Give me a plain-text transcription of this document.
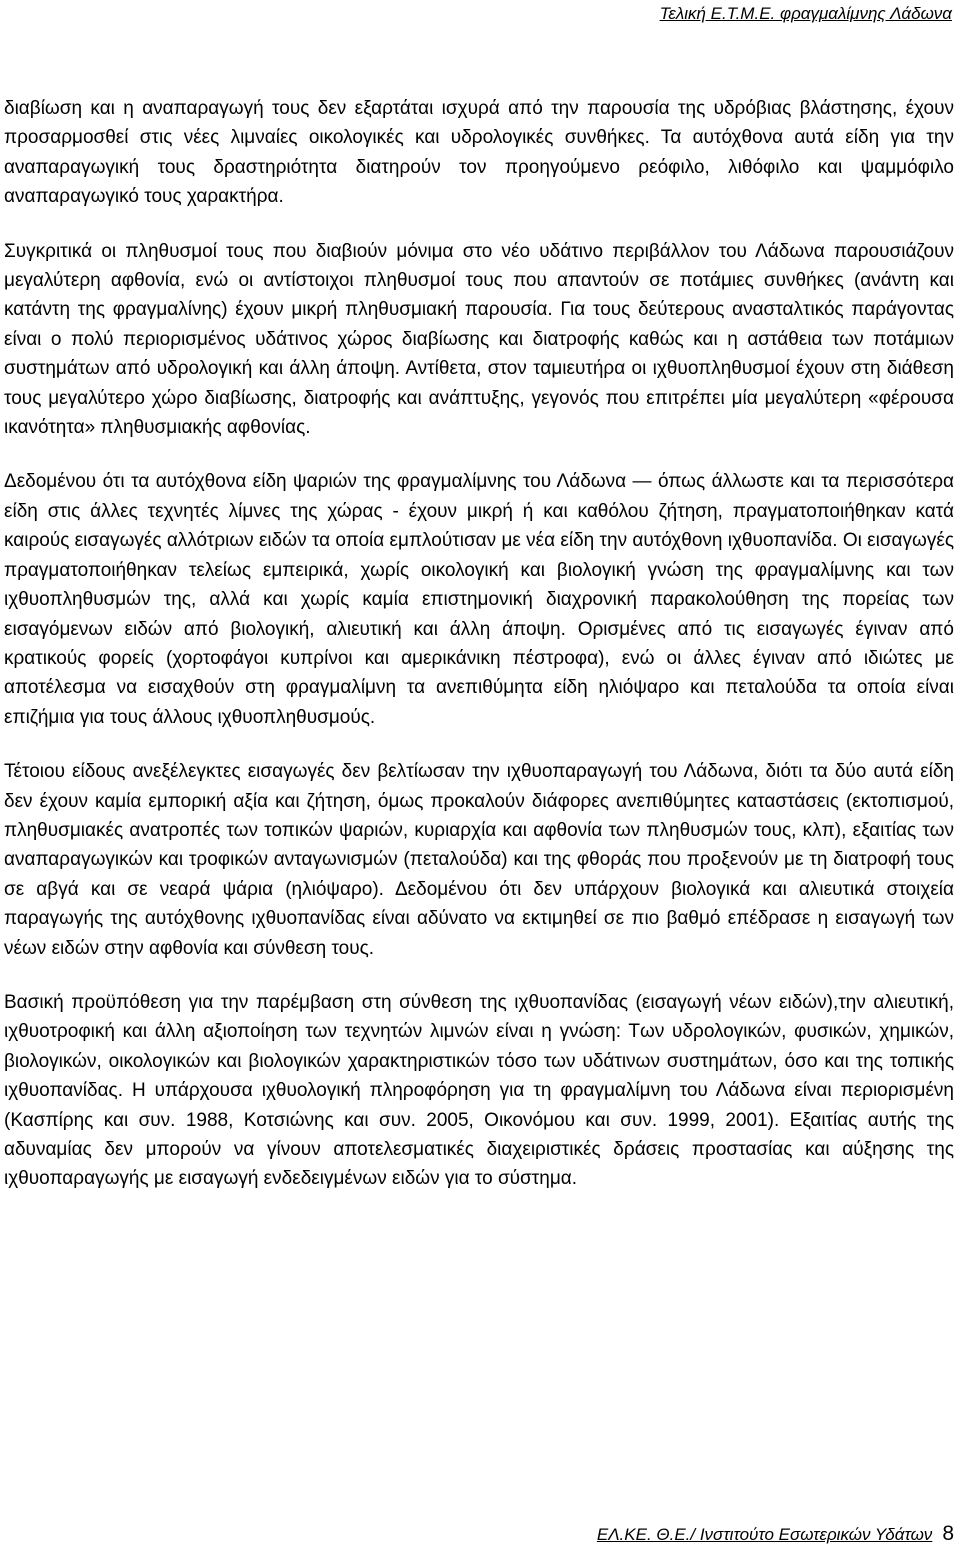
Τελική Ε.Τ.Μ.Ε. φραγμαλίμνης Λάδωνα

διαβίωση και η αναπαραγωγή τους δεν εξαρτάται ισχυρά από την παρουσία της υδρόβιας βλάστησης, έχουν προσαρμοσθεί στις νέες λιμναίες οικολογικές και υδρολογικές συνθήκες. Τα αυτόχθονα αυτά είδη για την αναπαραγωγική τους δραστηριότητα διατηρούν τον προηγούμενο ρεόφιλο, λιθόφιλο και ψαμμόφιλο αναπαραγωγικό τους χαρακτήρα.

Συγκριτικά οι πληθυσμοί τους που διαβιούν μόνιμα στο νέο υδάτινο περιβάλλον του Λάδωνα παρουσιάζουν μεγαλύτερη αφθονία, ενώ οι αντίστοιχοι πληθυσμοί τους που απαντούν σε ποτάμιες συνθήκες (ανάντη και κατάντη της φραγμαλίνης) έχουν μικρή πληθυσμιακή παρουσία. Για τους δεύτερους ανασταλτικός παράγοντας είναι ο πολύ περιορισμένος υδάτινος χώρος διαβίωσης και διατροφής καθώς και η αστάθεια των ποτάμιων συστημάτων από υδρολογική και άλλη άποψη. Αντίθετα, στον ταμιευτήρα οι ιχθυοπληθυσμοί έχουν στη διάθεση τους μεγαλύτερο χώρο διαβίωσης, διατροφής και ανάπτυξης, γεγονός που επιτρέπει μία μεγαλύτερη «φέρουσα ικανότητα» πληθυσμιακής αφθονίας.

Δεδομένου ότι τα αυτόχθονα είδη ψαριών της φραγμαλίμνης του Λάδωνα — όπως άλλωστε και τα περισσότερα είδη στις άλλες τεχνητές λίμνες της χώρας - έχουν μικρή ή και καθόλου ζήτηση, πραγματοποιήθηκαν κατά καιρούς εισαγωγές αλλότριων ειδών τα οποία εμπλούτισαν με νέα είδη την αυτόχθονη ιχθυοπανίδα. Οι εισαγωγές πραγματοποιήθηκαν τελείως εμπειρικά, χωρίς οικολογική και βιολογική γνώση της φραγμαλίμνης και των ιχθυοπληθυσμών της, αλλά και χωρίς καμία επιστημονική διαχρονική παρακολούθηση της πορείας των εισαγόμενων ειδών από βιολογική, αλιευτική και άλλη άποψη. Ορισμένες από τις εισαγωγές έγιναν από κρατικούς φορείς (χορτοφάγοι κυπρίνοι και αμερικάνικη πέστροφα), ενώ οι άλλες έγιναν από ιδιώτες με αποτέλεσμα να εισαχθούν στη φραγμαλίμνη τα ανεπιθύμητα είδη ηλιόψαρο και πεταλούδα τα οποία είναι επιζήμια για τους άλλους ιχθυοπληθυσμούς.

Τέτοιου είδους ανεξέλεγκτες εισαγωγές δεν βελτίωσαν την ιχθυοπαραγωγή του Λάδωνα, διότι τα δύο αυτά είδη δεν έχουν καμία εμπορική αξία και ζήτηση, όμως προκαλούν διάφορες ανεπιθύμητες καταστάσεις (εκτοπισμού, πληθυσμιακές ανατροπές των τοπικών ψαριών, κυριαρχία και αφθονία των πληθυσμών τους, κλπ), εξαιτίας των αναπαραγωγικών και τροφικών ανταγωνισμών (πεταλούδα) και της φθοράς που προξενούν με τη διατροφή τους σε αβγά και σε νεαρά ψάρια (ηλιόψαρο). Δεδομένου ότι δεν υπάρχουν βιολογικά και αλιευτικά στοιχεία παραγωγής της αυτόχθονης ιχθυοπανίδας είναι αδύνατο να εκτιμηθεί σε πιο βαθμό επέδρασε η εισαγωγή των νέων ειδών στην αφθονία και σύνθεση τους.

Βασική προϋπόθεση για την παρέμβαση στη σύνθεση της ιχθυοπανίδας (εισαγωγή νέων ειδών),την αλιευτική, ιχθυοτροφική και άλλη αξιοποίηση των τεχνητών λιμνών είναι η γνώση: Των υδρολογικών, φυσικών, χημικών, βιολογικών, οικολογικών και βιολογικών χαρακτηριστικών τόσο των υδάτινων συστημάτων, όσο και της τοπικής ιχθυοπανίδας. Η υπάρχουσα ιχθυολογική πληροφόρηση για τη φραγμαλίμνη του Λάδωνα είναι περιορισμένη (Κασπίρης και συν. 1988, Κοτσιώνης και συν. 2005, Οικονόμου και συν. 1999, 2001). Εξαιτίας αυτής της αδυναμίας δεν μπορούν να γίνουν αποτελεσματικές διαχειριστικές δράσεις προστασίας και αύξησης της ιχθυοπαραγωγής με εισαγωγή ενδεδειγμένων ειδών για το σύστημα.

ΕΛ.ΚΕ. Θ.Ε./ Ινστιτούτο Εσωτερικών Υδάτων 8
